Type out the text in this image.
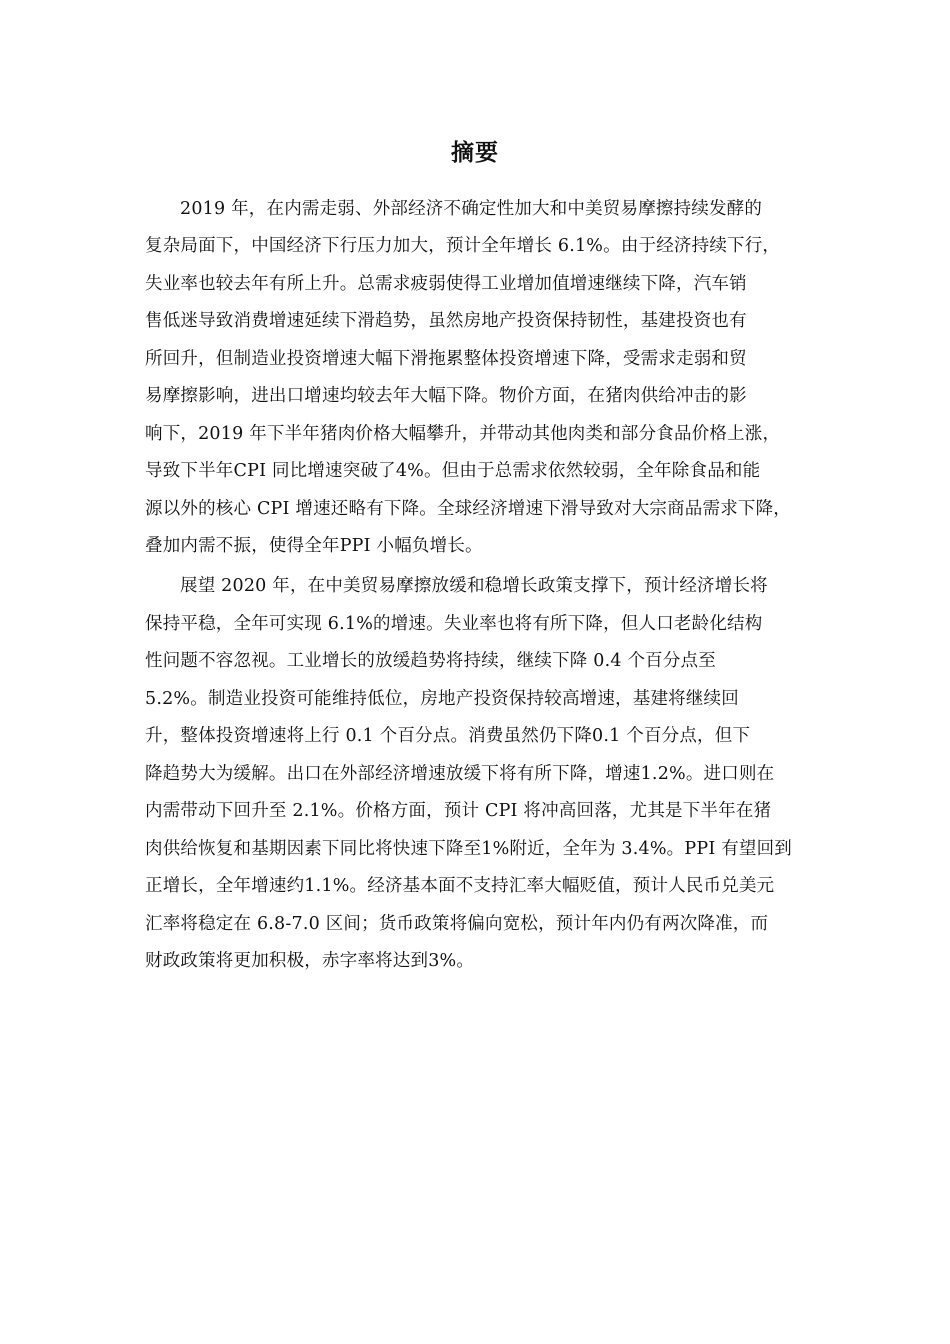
摘要
2019 年，在内需走弱、外部经济不确定性加大和中美贸易摩擦持续发酵的
复杂局面下，中国经济下行压力加大，预计全年增长 6.1%。由于经济持续下行，
失业率也较去年有所上升。总需求疲弱使得工业增加值增速继续下降，汽车销
售低迷导致消费增速延续下滑趋势，虽然房地产投资保持韧性，基建投资也有
所回升，但制造业投资增速大幅下滑拖累整体投资增速下降，受需求走弱和贸
易摩擦影响，进出口增速均较去年大幅下降。物价方面，在猪肉供给冲击的影
响下，2019 年下半年猪肉价格大幅攀升，并带动其他肉类和部分食品价格上涨，
导致下半年CPI 同比增速突破了4%。但由于总需求依然较弱，全年除食品和能
源以外的核心 CPI 增速还略有下降。全球经济增速下滑导致对大宗商品需求下降，
叠加内需不振，使得全年PPI 小幅负增长。
展望 2020 年，在中美贸易摩擦放缓和稳增长政策支撑下，预计经济增长将
保持平稳，全年可实现 6.1%的增速。失业率也将有所下降，但人口老龄化结构
性问题不容忽视。工业增长的放缓趋势将持续，继续下降 0.4 个百分点至
5.2%。制造业投资可能维持低位，房地产投资保持较高增速，基建将继续回
升，整体投资增速将上行 0.1 个百分点。消费虽然仍下降0.1 个百分点，但下
降趋势大为缓解。出口在外部经济增速放缓下将有所下降，增速1.2%。进口则在
内需带动下回升至 2.1%。价格方面，预计 CPI 将冲高回落，尤其是下半年在猪
肉供给恢复和基期因素下同比将快速下降至1%附近，全年为 3.4%。PPI 有望回到
正增长，全年增速约1.1%。经济基本面不支持汇率大幅贬值，预计人民币兑美元
汇率将稳定在 6.8-7.0 区间；货币政策将偏向宽松，预计年内仍有两次降准，而
财政政策将更加积极，赤字率将达到3%。
